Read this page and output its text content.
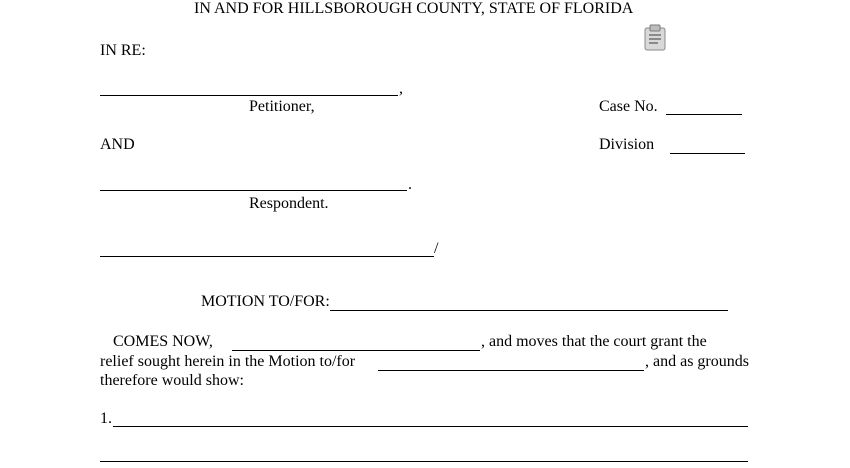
IN AND FOR HILLSBOROUGH COUNTY, STATE OF FLORIDA
IN RE:
,
Petitioner,	Case No.
AND	Division
.
Respondent.
/
MOTION TO/FOR:
COMES NOW,	, and moves that the court grant the
relief sought herein in the Motion to/for	, and as grounds
therefore would show:
1.
